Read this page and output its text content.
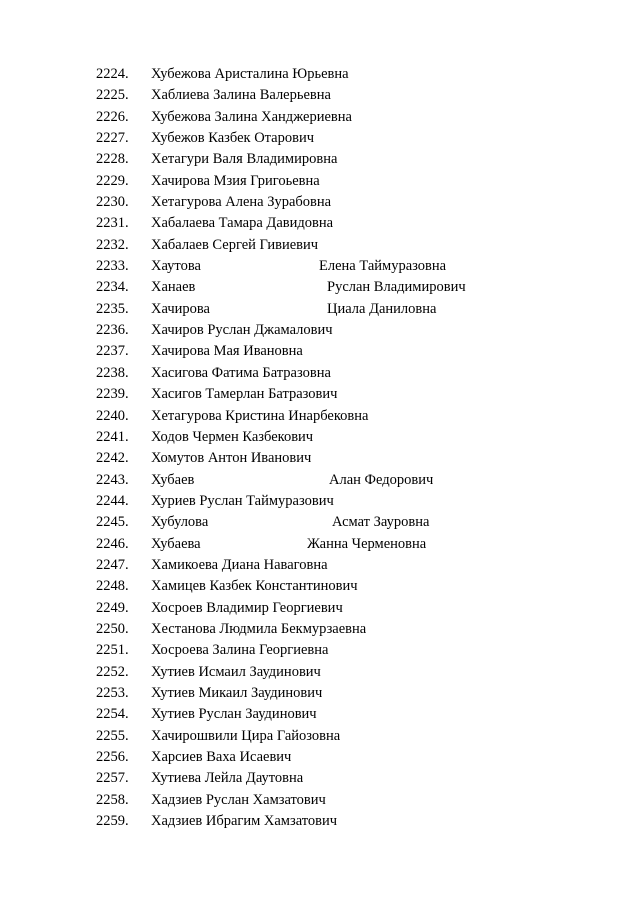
2224. Хубежова Аристалина Юрьевна
2225. Хаблиева Залина Валерьевна
2226. Хубежова Залина Ханджериевна
2227. Хубежов Казбек Отарович
2228. Хетагури Валя Владимировна
2229. Хачирова Мзия Григоьевна
2230. Хетагурова Алена Зурабовна
2231. Хабалаева Тамара Давидовна
2232. Хабалаев Сергей Гивиевич
2233. Хаутова	Елена Таймуразовна
2234. Ханаев	Руслан Владимирович
2235. Хачирова	Циала Даниловна
2236. Хачиров Руслан Джамалович
2237. Хачирова Мая Ивановна
2238. Хасигова Фатима Батразовна
2239. Хасигов Тамерлан Батразович
2240. Хетагурова Кристина Инарбековна
2241. Ходов Чермен Казбекович
2242. Хомутов Антон Иванович
2243. Хубаев	Алан Федорович
2244. Хуриев Руслан Таймуразович
2245. Хубулова	Асмат Зауровна
2246. Хубаева	Жанна Черменовна
2247. Хамикоева Диана Наваговна
2248. Хамицев Казбек Константинович
2249. Хосроев Владимир Георгиевич
2250. Хестанова Людмила Бекмурзаевна
2251. Хосроева Залина Георгиевна
2252. Хутиев Исмаил Заудинович
2253. Хутиев Микаил Заудинович
2254. Хутиев Руслан Заудинович
2255. Хачирошвили Цира Гайозовна
2256. Харсиев Ваха Исаевич
2257. Хутиева Лейла Даутовна
2258. Хадзиев Руслан Хамзатович
2259. Хадзиев Ибрагим Хамзатович
